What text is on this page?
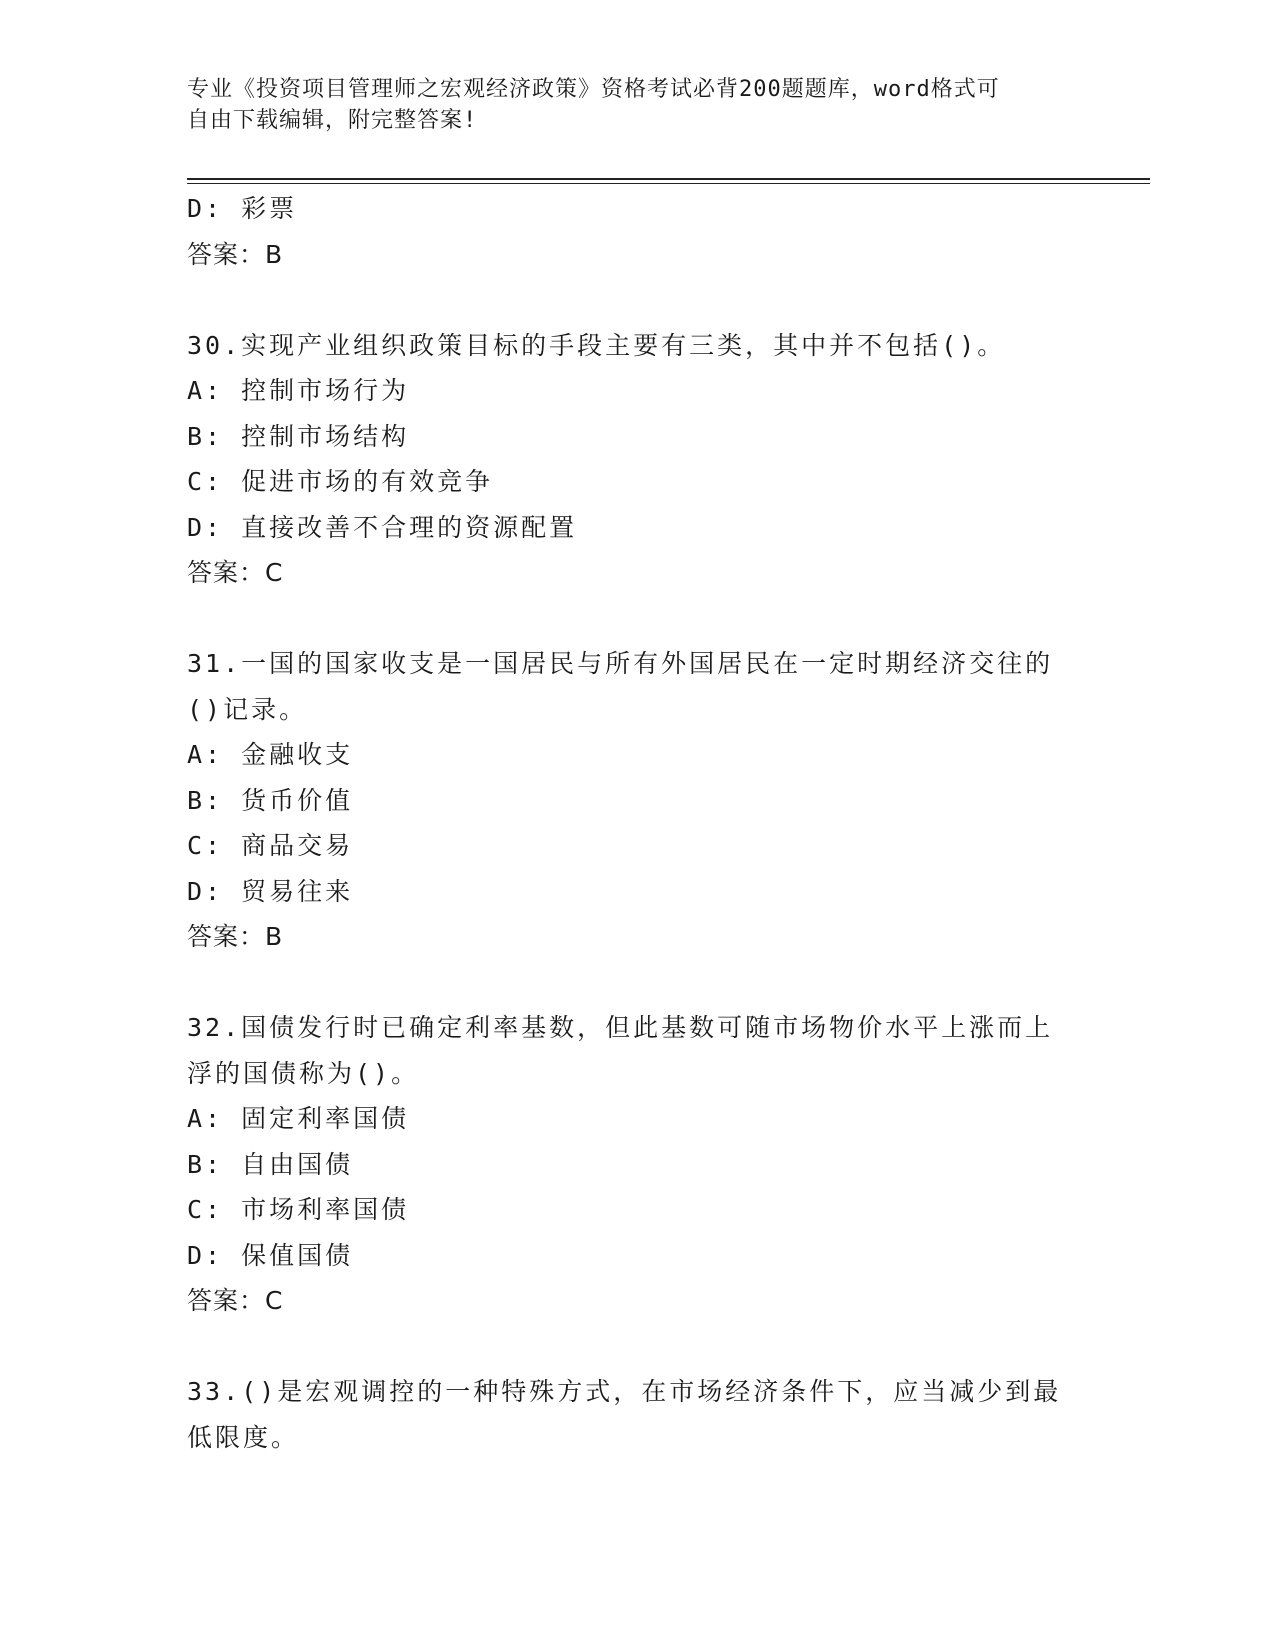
专业《投资项目管理师之宏观经济政策》资格考试必背200题题库，word格式可
自由下载编辑，附完整答案!
D: 彩票
答案：B
30.实现产业组织政策目标的手段主要有三类，其中并不包括()。
A: 控制市场行为
B: 控制市场结构
C: 促进市场的有效竞争
D: 直接改善不合理的资源配置
答案：C
31.一国的国家收支是一国居民与所有外国居民在一定时期经济交往的
()记录。
A: 金融收支
B: 货币价值
C: 商品交易
D: 贸易往来
答案：B
32.国债发行时已确定利率基数，但此基数可随市场物价水平上涨而上
浮的国债称为()。
A: 固定利率国债
B: 自由国债
C: 市场利率国债
D: 保值国债
答案：C
33.()是宏观调控的一种特殊方式，在市场经济条件下，应当减少到最
低限度。
